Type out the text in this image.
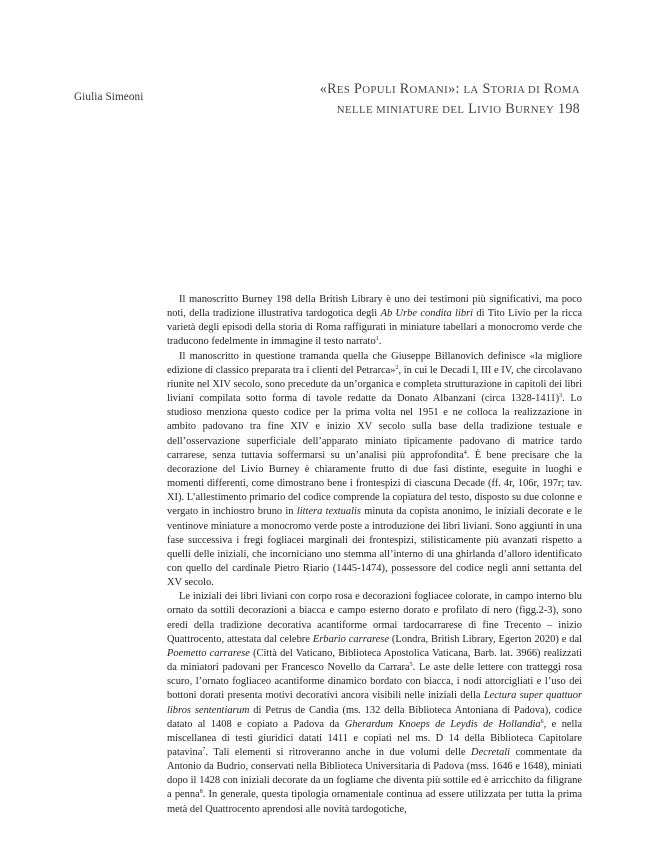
Giulia Simeoni	«RES POPULI ROMANI»: LA STORIA DI ROMA
NELLE MINIATURE DEL LIVIO BURNEY 198

Il manoscritto Burney 198 della British Library è uno dei testimoni più significativi, ma poco noti, della tradizione illustrativa tardogotica degli Ab Urbe condita libri di Tito Livio per la ricca varietà degli episodi della storia di Roma raffigurati in miniature tabellari a monocromo verde che traducono fedelmente in immagine il testo narrato$^1$.

Il manoscritto in questione tramanda quella che Giuseppe Billanovich definisce «la migliore edizione di classico preparata tra i clienti del Petrarca»$^2$, in cui le Decadi I, III e IV, che circolavano riunite nel XIV secolo, sono precedute da un’organica e completa strutturazione in capitoli dei libri liviani compilata sotto forma di tavole redatte da Donato Albanzani (circa 1328-1411)$^3$. Lo studioso menziona questo codice per la prima volta nel 1951 e ne colloca la realizzazione in ambito padovano tra fine XIV e inizio XV secolo sulla base della tradizione testuale e dell’osservazione superficiale dell’apparato miniato tipicamente padovano di matrice tardo carrarese, senza tuttavia soffermarsi su un’analisi più approfondita$^4$. È bene precisare che la decorazione del Livio Burney è chiaramente frutto di due fasi distinte, eseguite in luoghi e momenti differenti, come dimostrano bene i frontespizi di ciascuna Decade (ff. 4r, 106r, 197r; tav. XI). L’allestimento primario del codice comprende la copiatura del testo, disposto su due colonne e vergato in inchiostro bruno in littera textualis minuta da copista anonimo, le iniziali decorate e le ventinove miniature a monocromo verde poste a introduzione dei libri liviani. Sono aggiunti in una fase successiva i fregi fogliacei marginali dei frontespizi, stilisticamente più avanzati rispetto a quelli delle iniziali, che incorniciano uno stemma all’interno di una ghirlanda d’alloro identificato con quello del cardinale Pietro Riario (1445-1474), possessore del codice negli anni settanta del XV secolo.

Le iniziali dei libri liviani con corpo rosa e decorazioni fogliacee colorate, in campo interno blu ornato da sottili decorazioni a biacca e campo esterno dorato e profilato di nero (figg.2-3), sono eredi della tradizione decorativa acantiforme ormai tardocarrarese di fine Trecento – inizio Quattrocento, attestata dal celebre Erbario carrarese (Londra, British Library, Egerton 2020) e dal Poemetto carrarese (Città del Vaticano, Biblioteca Apostolica Vaticana, Barb. lat. 3966) realizzati da miniatori padovani per Francesco Novello da Carrara$^5$. Le aste delle lettere con tratteggi rosa scuro, l’ornato fogliaceo acantiforme dinamico bordato con biacca, i nodi attorcigliati e l’uso dei bottoni dorati presenta motivi decorativi ancora visibili nelle iniziali della Lectura super quattuor libros sententiarum di Petrus de Candia (ms. 132 della Biblioteca Antoniana di Padova), codice datato al 1408 e copiato a Padova da Gherardum Knoeps de Leydis de Hollandia$^6$, e nella miscellanea di testi giuridici datati 1411 e copiati nel ms. D 14 della Biblioteca Capitolare patavina$^7$. Tali elementi si ritroveranno anche in due volumi delle Decretali commentate da Antonio da Budrio, conservati nella Biblioteca Universitaria di Padova (mss. 1646 e 1648), miniati dopo il 1428 con iniziali decorate da un fogliame che diventa più sottile ed è arricchito da filigrane a penna$^8$. In generale, questa tipologia ornamentale continua ad essere utilizzata per tutta la prima metà del Quattrocento aprendosi alle novità tardogotiche,
